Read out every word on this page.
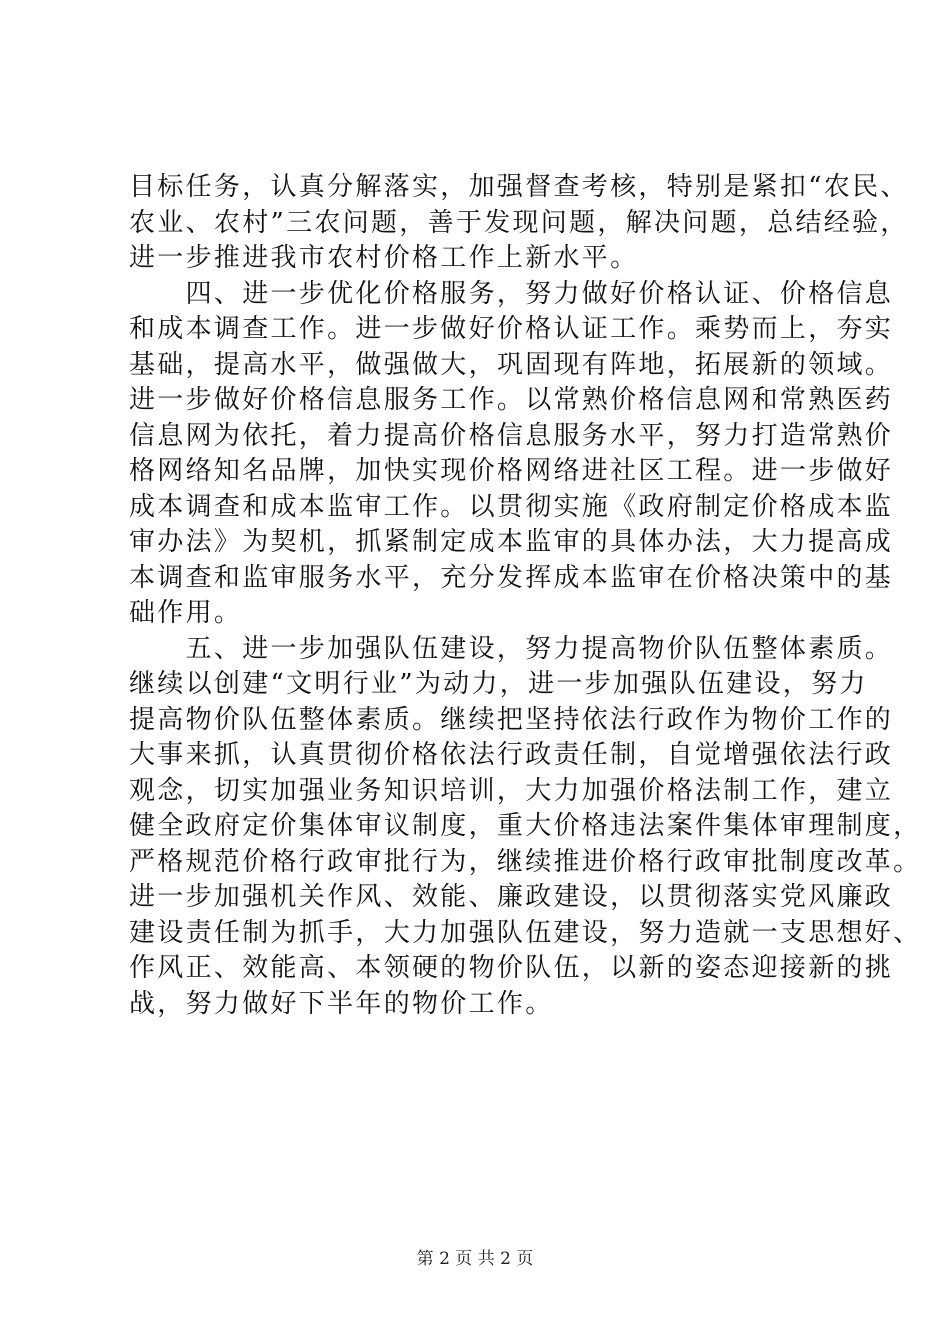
目标任务，认真分解落实，加强督查考核，特别是紧扣“农民、
农业、农村”三农问题，善于发现问题，解决问题，总结经验，
进一步推进我市农村价格工作上新水平。
　　四、进一步优化价格服务，努力做好价格认证、价格信息
和成本调查工作。进一步做好价格认证工作。乘势而上，夯实
基础，提高水平，做强做大，巩固现有阵地，拓展新的领域。
进一步做好价格信息服务工作。以常熟价格信息网和常熟医药
信息网为依托，着力提高价格信息服务水平，努力打造常熟价
格网络知名品牌，加快实现价格网络进社区工程。进一步做好
成本调查和成本监审工作。以贯彻实施《政府制定价格成本监
审办法》为契机，抓紧制定成本监审的具体办法，大力提高成
本调查和监审服务水平，充分发挥成本监审在价格决策中的基
础作用。
　　五、进一步加强队伍建设，努力提高物价队伍整体素质。
继续以创建“文明行业”为动力，进一步加强队伍建设，努力
提高物价队伍整体素质。继续把坚持依法行政作为物价工作的
大事来抓，认真贯彻价格依法行政责任制，自觉增强依法行政
观念，切实加强业务知识培训，大力加强价格法制工作，建立
健全政府定价集体审议制度，重大价格违法案件集体审理制度，
严格规范价格行政审批行为，继续推进价格行政审批制度改革。
进一步加强机关作风、效能、廉政建设，以贯彻落实党风廉政
建设责任制为抓手，大力加强队伍建设，努力造就一支思想好、
作风正、效能高、本领硬的物价队伍，以新的姿态迎接新的挑
战，努力做好下半年的物价工作。
第 2 页 共 2 页
